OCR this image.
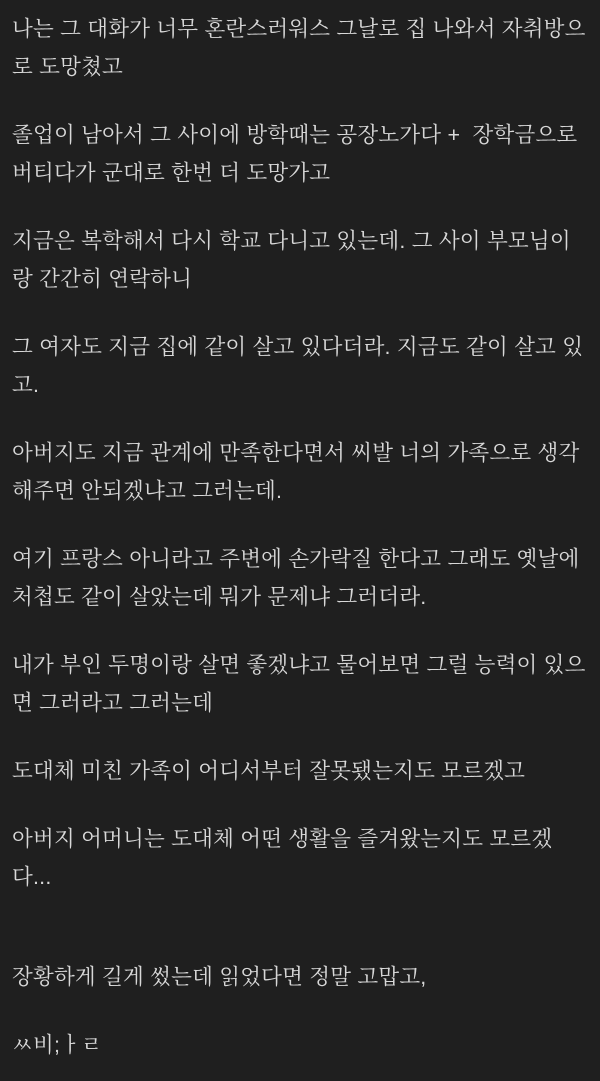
나는 그 대화가 너무 혼란스러워스 그날로 집 나와서 자취방으로 도망쳤고

졸업이 남아서 그 사이에 방학때는 공장노가다 +  장학금으로 버티다가 군대로 한번 더 도망가고

지금은 복학해서 다시 학교 다니고 있는데. 그 사이 부모님이랑 간간히 연락하니

그 여자도 지금 집에 같이 살고 있다더라. 지금도 같이 살고 있고.

아버지도 지금 관계에 만족한다면서 씨발 너의 가족으로 생각해주면 안되겠냐고 그러는데.

여기 프랑스 아니라고 주변에 손가락질 한다고 그래도 옛날에 처첩도 같이 살았는데 뭐가 문제냐 그러더라.

내가 부인 두명이랑 살면 좋겠냐고 물어보면 그럴 능력이 있으면 그러라고 그러는데

도대체 미친 가족이 어디서부터 잘못됐는지도 모르겠고

아버지 어머니는 도대체 어떤 생활을 즐겨왔는지도 모르겠다...

장황하게 길게 썼는데 읽었다면 정말 고맙고,

ㅆ비;ㅏㄹ
